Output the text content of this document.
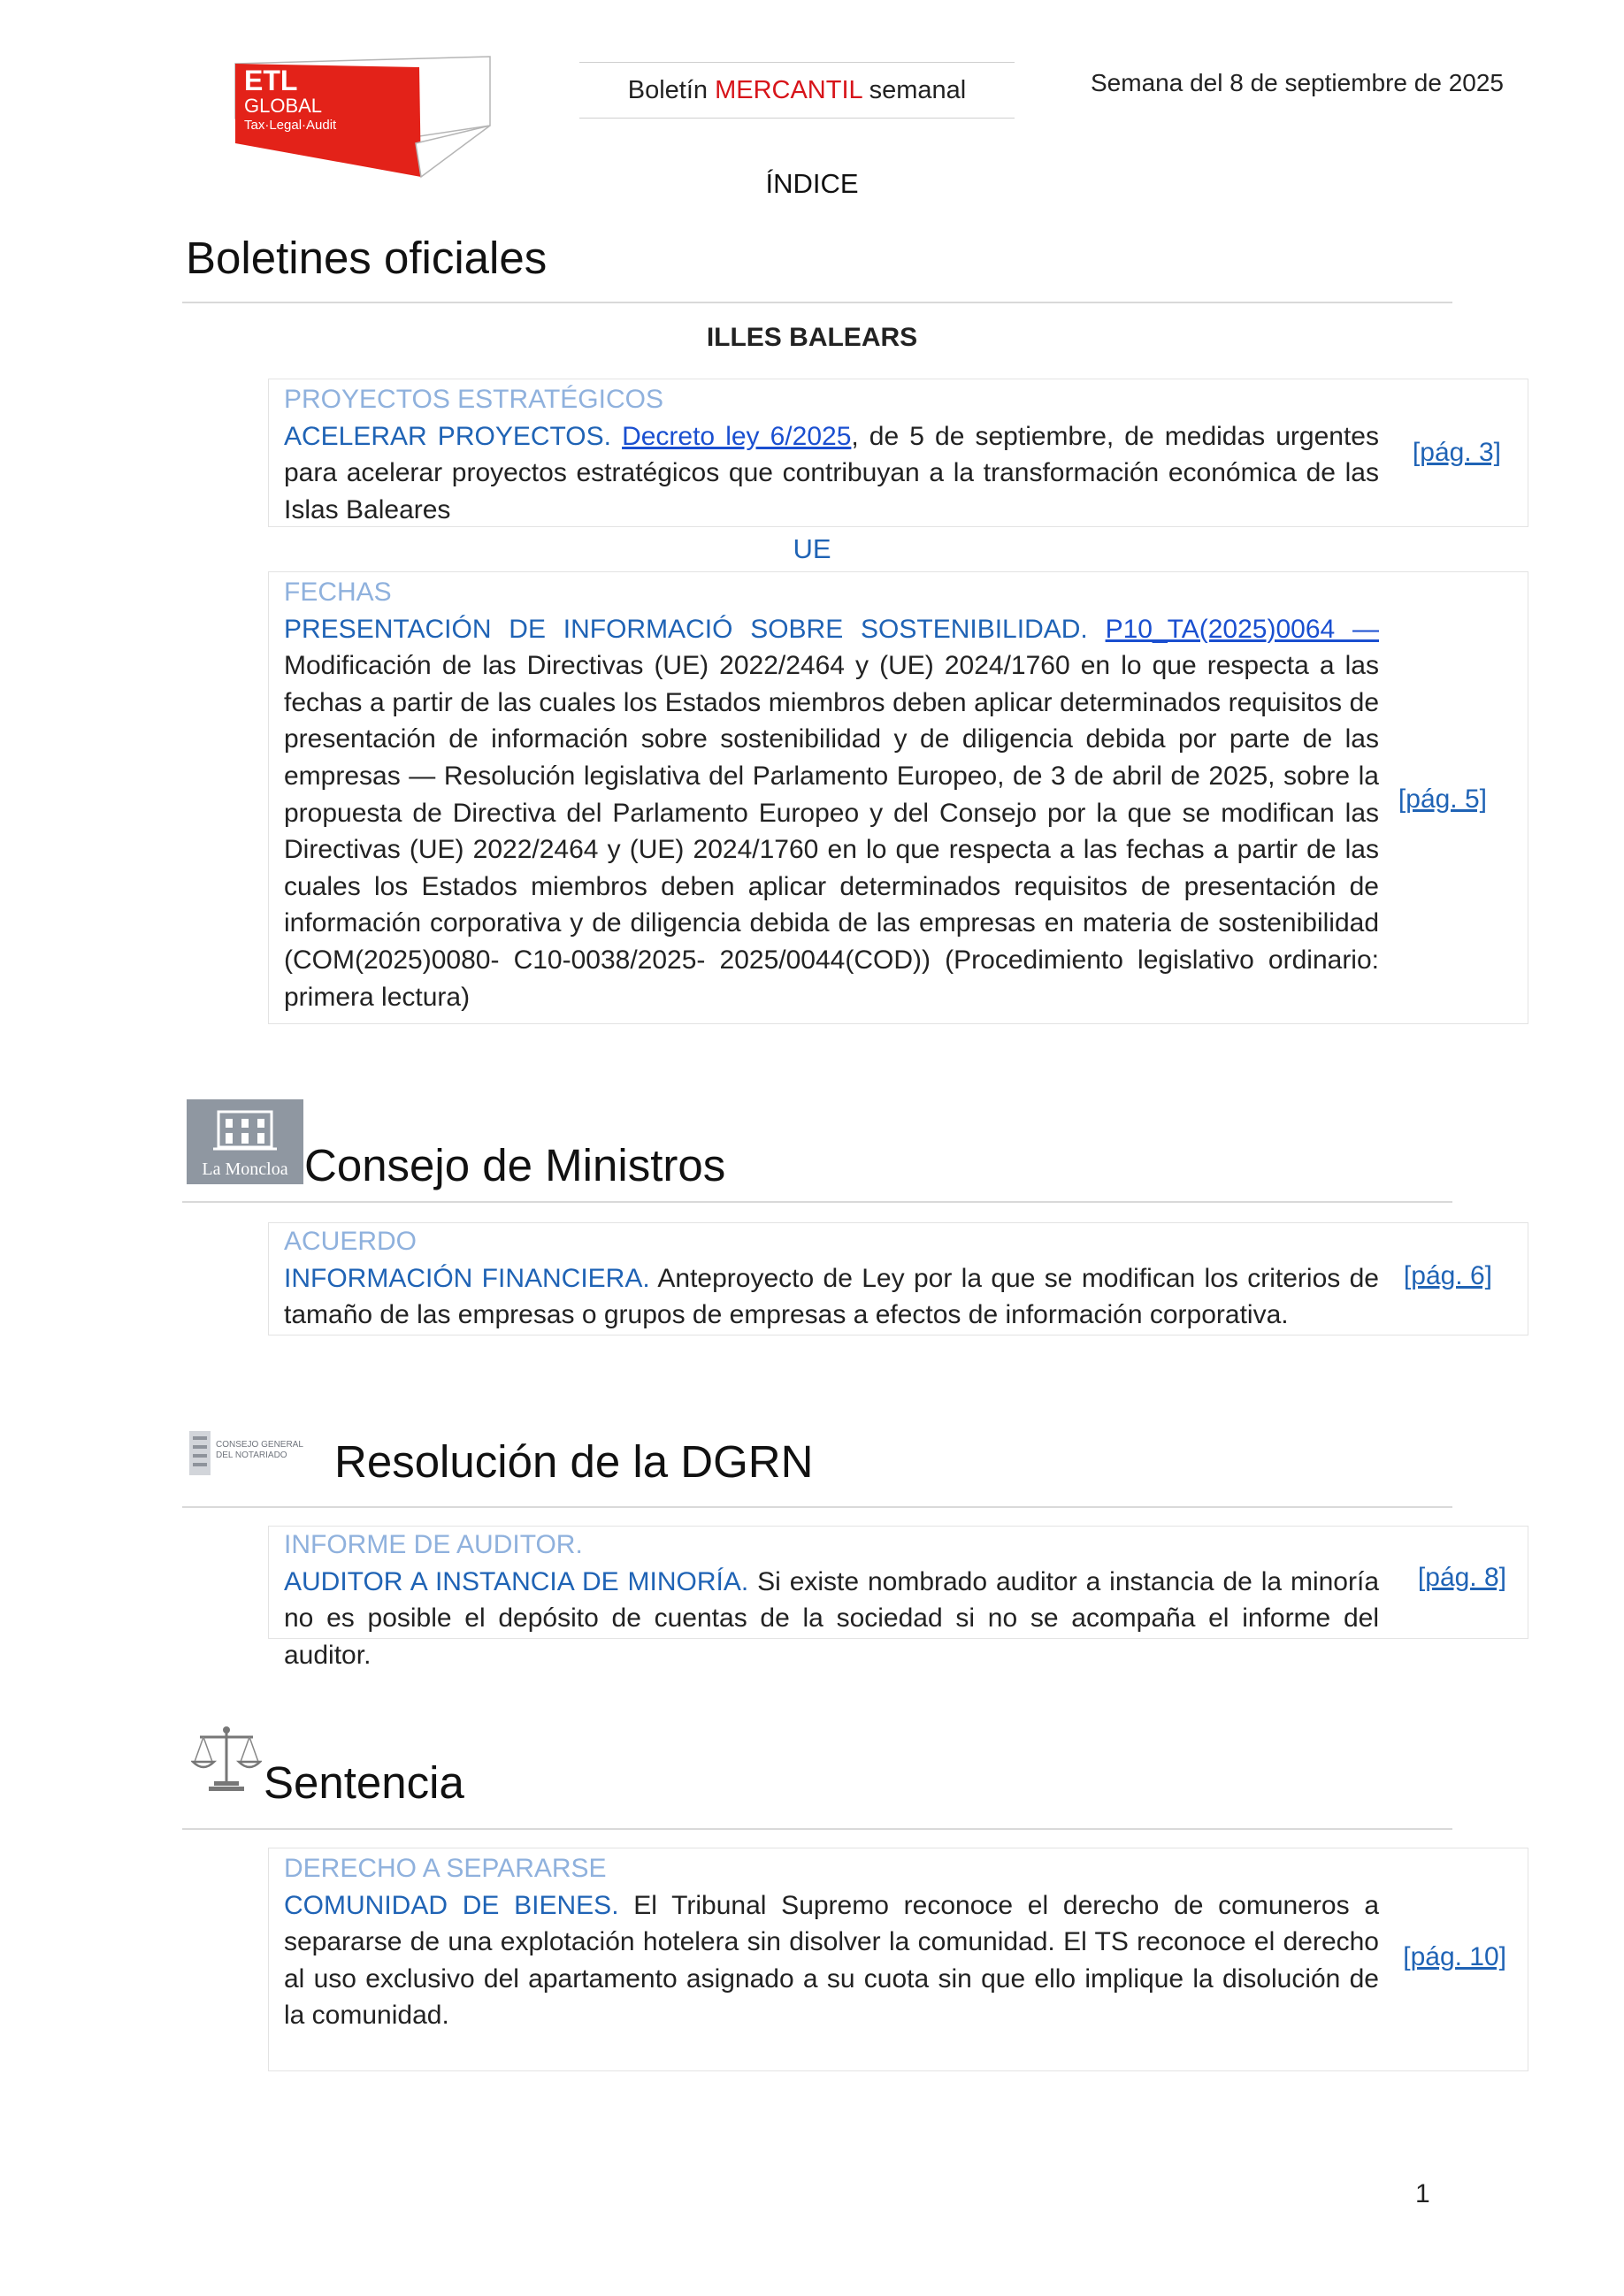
ETL
GLOBAL
Tax·Legal·Audit
Boletín MERCANTIL semanal	Semana del 8 de septiembre de 2025
ÍNDICE
Boletines oficiales
ILLES BALEARS
PROYECTOS ESTRATÉGICOS
ACELERAR PROYECTOS. Decreto ley 6/2025, de 5 de septiembre, de medidas urgentes para acelerar proyectos estratégicos que contribuyan a la transformación económica de las Islas Baleares
[pág. 3]
UE
FECHAS
PRESENTACIÓN DE INFORMACIÓ SOBRE SOSTENIBILIDAD. P10_TA(2025)0064 — Modificación de las Directivas (UE) 2022/2464 y (UE) 2024/1760 en lo que respecta a las fechas a partir de las cuales los Estados miembros deben aplicar determinados requisitos de presentación de información sobre sostenibilidad y de diligencia debida por parte de las empresas — Resolución legislativa del Parlamento Europeo, de 3 de abril de 2025, sobre la propuesta de Directiva del Parlamento Europeo y del Consejo por la que se modifican las Directivas (UE) 2022/2464 y (UE) 2024/1760 en lo que respecta a las fechas a partir de las cuales los Estados miembros deben aplicar determinados requisitos de presentación de información corporativa y de diligencia debida de las empresas en materia de sostenibilidad (COM(2025)0080- C10-0038/2025- 2025/0044(COD)) (Procedimiento legislativo ordinario: primera lectura)
[pág. 5]
La Moncloa Consejo de Ministros
ACUERDO
INFORMACIÓN FINANCIERA. Anteproyecto de Ley por la que se modifican los criterios de tamaño de las empresas o grupos de empresas a efectos de información corporativa.
[pág. 6]
CONSEJO GENERAL
DEL NOTARIADO Resolución de la DGRN
INFORME DE AUDITOR.
AUDITOR A INSTANCIA DE MINORÍA. Si existe nombrado auditor a instancia de la minoría no es posible el depósito de cuentas de la sociedad si no se acompaña el informe del auditor.
[pág. 8]
Sentencia
DERECHO A SEPARARSE
COMUNIDAD DE BIENES. El Tribunal Supremo reconoce el derecho de comuneros a separarse de una explotación hotelera sin disolver la comunidad. El TS reconoce el derecho al uso exclusivo del apartamento asignado a su cuota sin que ello implique la disolución de la comunidad.
[pág. 10]
1
